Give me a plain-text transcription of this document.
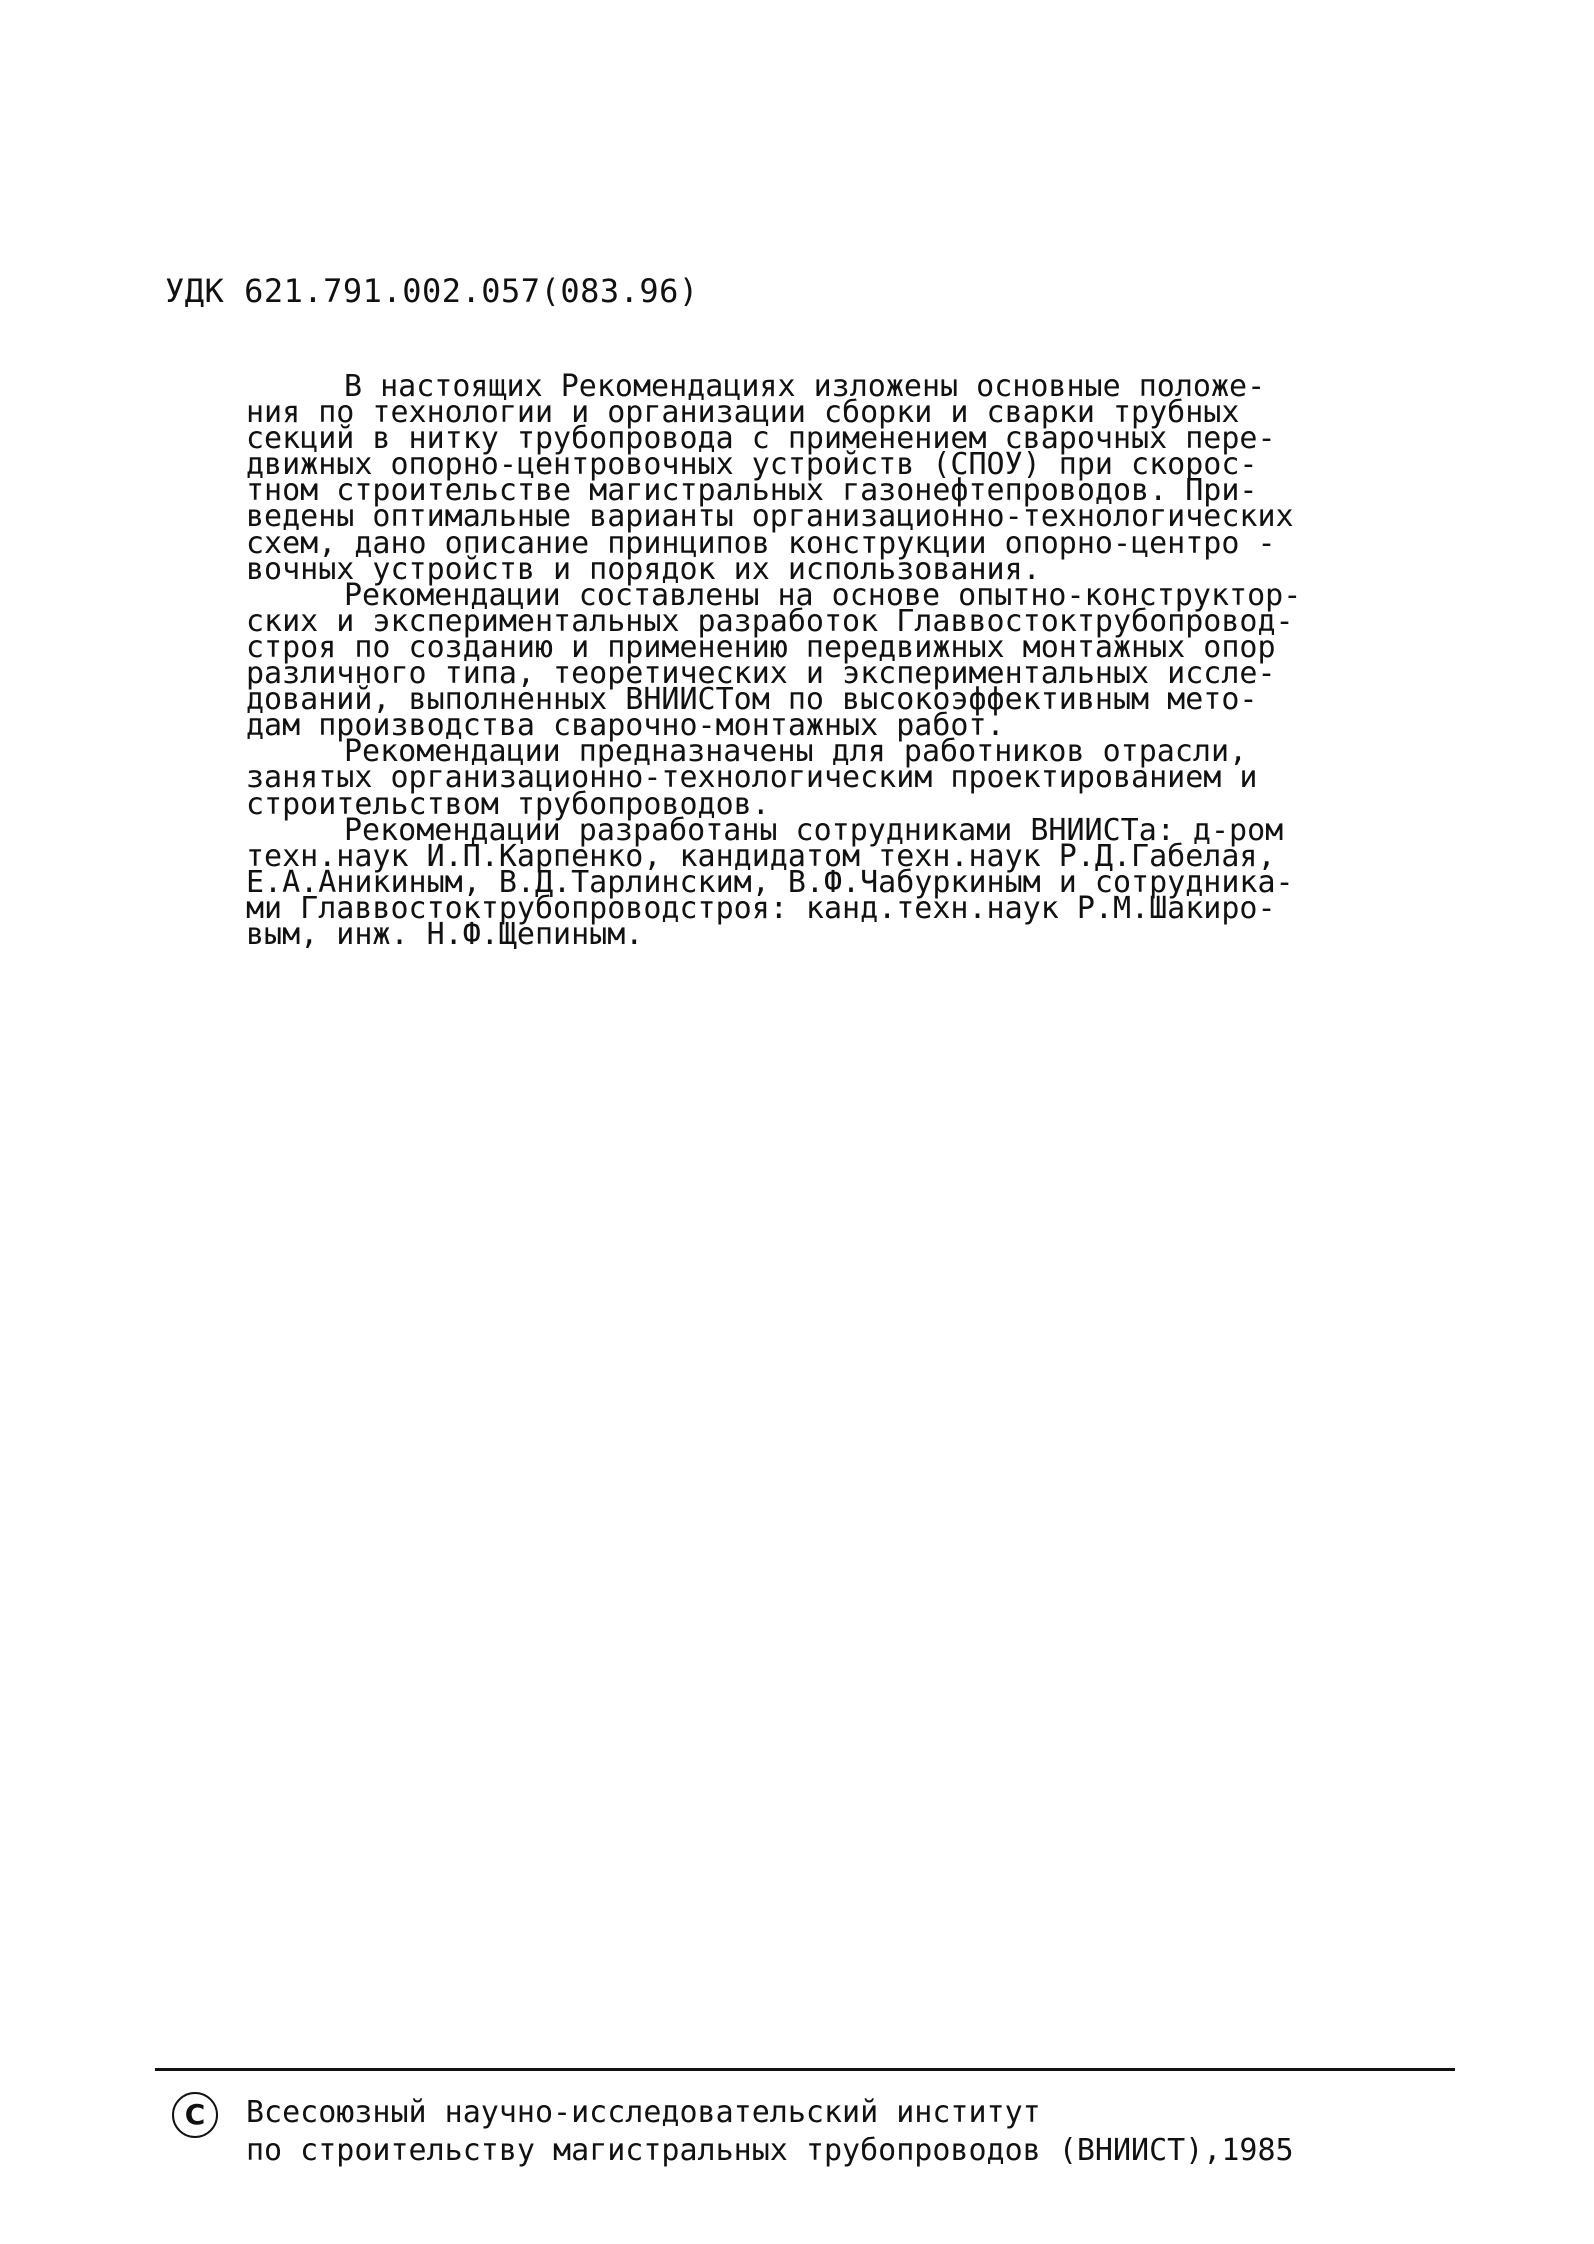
УДК 621.791.002.057(083.96)
В настоящих Рекомендациях изложены основные положе-
ния по технологии и организации сборки и сварки трубных
секций в нитку трубопровода с применением сварочных пере-
движных опорно-центровочных устройств (СПОУ) при скорос-
тном строительстве магистральных газонефтепроводов. При-
ведены оптимальные варианты организационно-технологических
схем, дано описание принципов конструкции опорно-центро -
вочных устройств и порядок их использования.
Рекомендации составлены на основе опытно-конструктор-
ских и экспериментальных разработок Главвостоктрубопровод-
строя по созданию и применению передвижных монтажных опор
различного типа, теоретических и экспериментальных иссле-
дований, выполненных ВНИИСТом по высокоэффективным мето-
дам производства сварочно-монтажных работ.
Рекомендации предназначены для работников отрасли,
занятых организационно-технологическим проектированием и
строительством трубопроводов.
Рекомендации разработаны сотрудниками ВНИИСТа: д-ром
техн.наук И.П.Карпенко, кандидатом техн.наук Р.Д.Габелая,
Е.А.Аникиным, В.Д.Тарлинским, В.Ф.Чабуркиным и сотрудника-
ми Главвостоктрубопроводстроя: канд.техн.наук Р.М.Шакиро-
вым, инж. Н.Ф.Щепиным.
C	Всесоюзный научно-исследовательский институт
по строительству магистральных трубопроводов (ВНИИСТ),1985
